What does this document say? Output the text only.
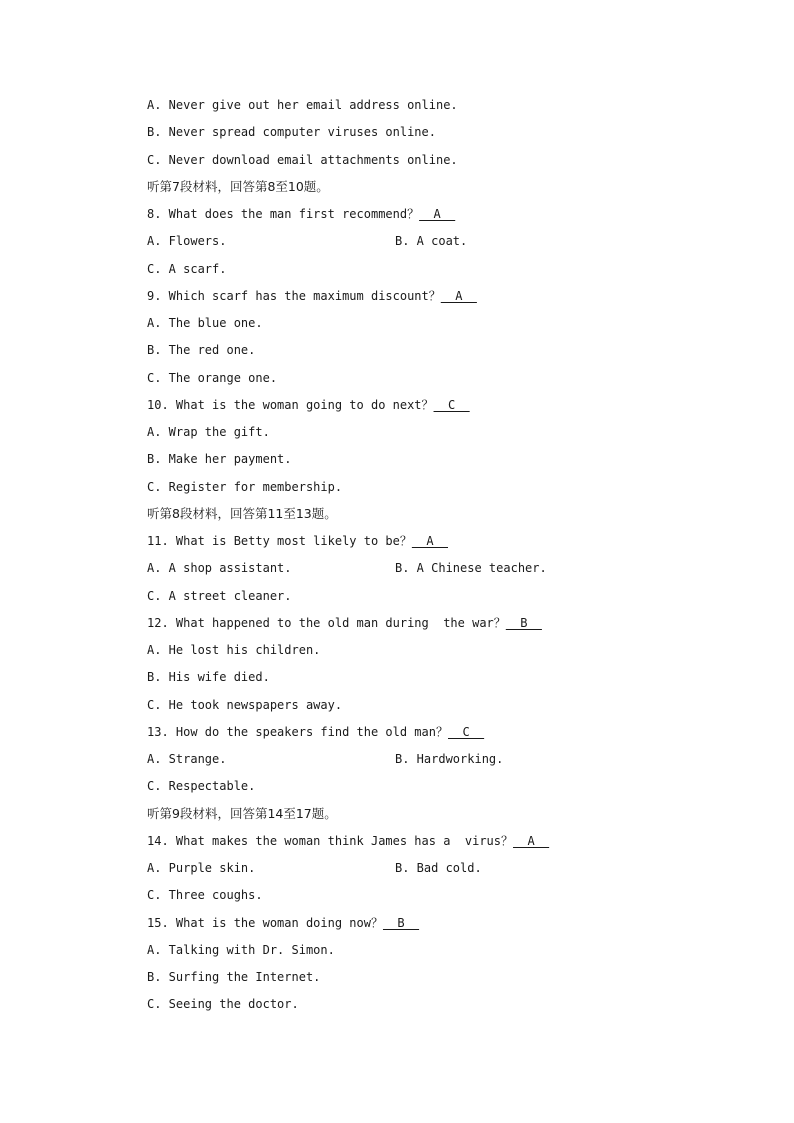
A. Never give out her email address online.
B. Never spread computer viruses online.
C. Never download email attachments online.
听第7段材料，回答第8至10题。
8. What does the man first recommend？  A
A. Flowers.	B. A coat.
C. A scarf.
9. Which scarf has the maximum discount？  A
A. The blue one.
B. The red one.
C. The orange one.
10. What is the woman going to do next？  C
A. Wrap the gift.
B. Make her payment.
C. Register for membership.
听第8段材料，回答第11至13题。
11. What is Betty most likely to be？  A
A. A shop assistant.	B. A Chinese teacher.
C. A street cleaner.
12. What happened to the old man during  the war？  B
A. He lost his children.
B. His wife died.
C. He took newspapers away.
13. How do the speakers find the old man？  C
A. Strange.	B. Hardworking.
C. Respectable.
听第9段材料，回答第14至17题。
14. What makes the woman think James has a  virus？  A
A. Purple skin.	B. Bad cold.
C. Three coughs.
15. What is the woman doing now？  B
A. Talking with Dr. Simon.
B. Surfing the Internet.
C. Seeing the doctor.
